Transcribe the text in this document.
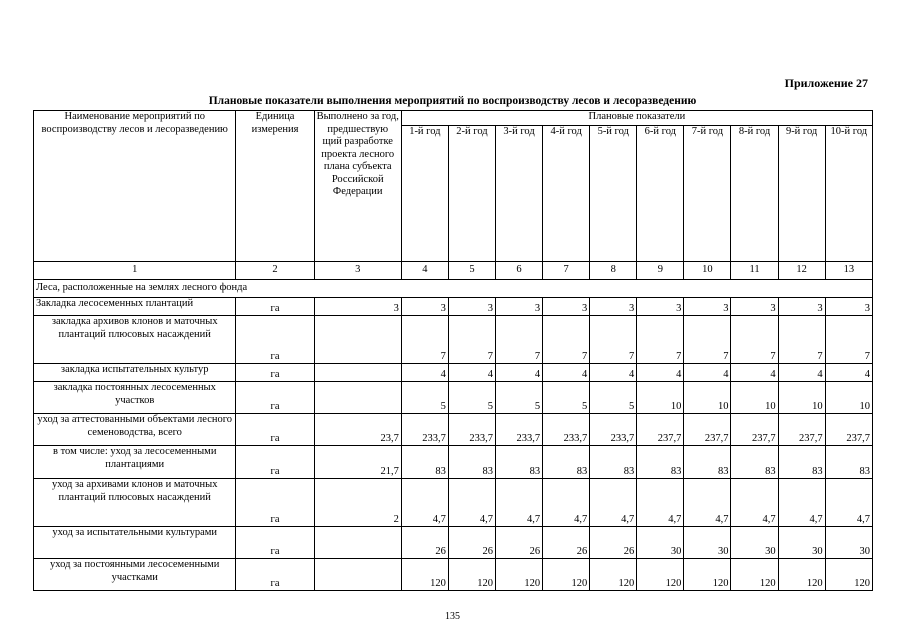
Приложение 27
Плановые показатели выполнения мероприятий по воспроизводству лесов и лесоразведению
Наименование мероприятий по воспроизводству лесов и лесоразведению	Единица измерения	Выполнено за год, предшествую щий разработке проекта лесного плана субъекта Российской Федерации	Плановые показатели									
			1-й год	2-й год	3-й год	4-й год	5-й год	6-й год	7-й год	8-й год	9-й год	10-й год
1	2	3	4	5	6	7	8	9	10	11	12	13
Леса, расположенные на землях лесного фонда												
Закладка лесосеменных плантаций	га	3	3	3	3	3	3	3	3	3	3	3
закладка архивов клонов и маточных плантаций плюсовых насаждений	га		7	7	7	7	7	7	7	7	7	7
закладка испытательных культур	га		4	4	4	4	4	4	4	4	4	4
закладка постоянных лесосеменных участков	га		5	5	5	5	5	10	10	10	10	10
уход за аттестованными объектами лесного семеноводства, всего	га	23,7	233,7	233,7	233,7	233,7	233,7	237,7	237,7	237,7	237,7	237,7
в том числе: уход за лесосеменными плантациями	га	21,7	83	83	83	83	83	83	83	83	83	83
уход за архивами клонов и маточных плантаций плюсовых насаждений	га	2	4,7	4,7	4,7	4,7	4,7	4,7	4,7	4,7	4,7	4,7
уход за испытательными культурами	га		26	26	26	26	26	30	30	30	30	30
уход за постоянными лесосеменными участками	га		120	120	120	120	120	120	120	120	120	120
135
